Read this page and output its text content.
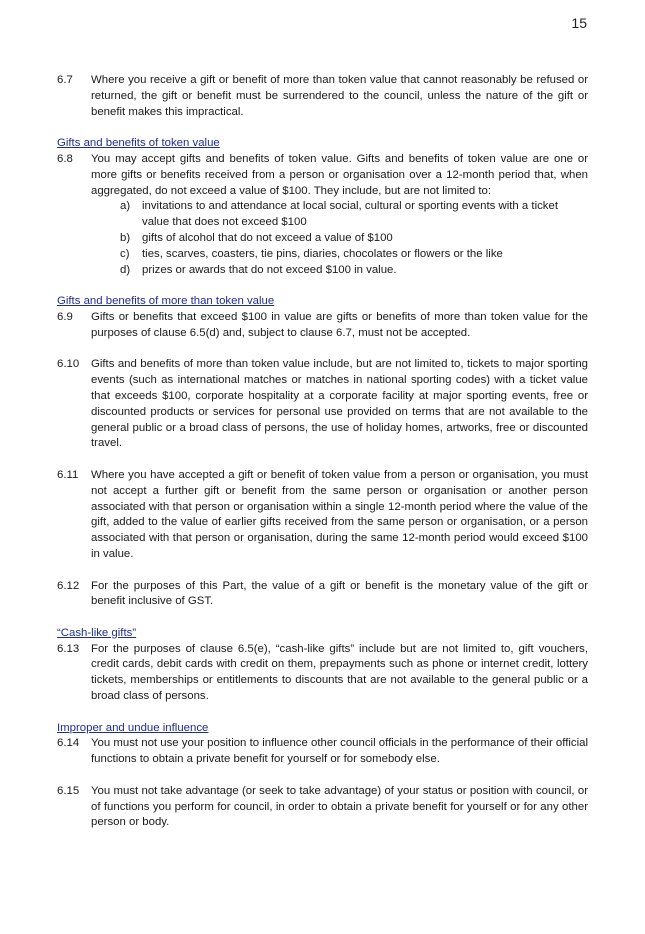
15
6.7	Where you receive a gift or benefit of more than token value that cannot reasonably be refused or returned, the gift or benefit must be surrendered to the council, unless the nature of the gift or benefit makes this impractical.
Gifts and benefits of token value
6.8	You may accept gifts and benefits of token value. Gifts and benefits of token value are one or more gifts or benefits received from a person or organisation over a 12-month period that, when aggregated, do not exceed a value of $100. They include, but are not limited to:
a)	invitations to and attendance at local social, cultural or sporting events with a ticket value that does not exceed $100
b)	gifts of alcohol that do not exceed a value of $100
c)	ties, scarves, coasters, tie pins, diaries, chocolates or flowers or the like
d)	prizes or awards that do not exceed $100 in value.
Gifts and benefits of more than token value
6.9	Gifts or benefits that exceed $100 in value are gifts or benefits of more than token value for the purposes of clause 6.5(d) and, subject to clause 6.7, must not be accepted.
6.10	Gifts and benefits of more than token value include, but are not limited to, tickets to major sporting events (such as international matches or matches in national sporting codes) with a ticket value that exceeds $100, corporate hospitality at a corporate facility at major sporting events, free or discounted products or services for personal use provided on terms that are not available to the general public or a broad class of persons, the use of holiday homes, artworks, free or discounted travel.
6.11	Where you have accepted a gift or benefit of token value from a person or organisation, you must not accept a further gift or benefit from the same person or organisation or another person associated with that person or organisation within a single 12-month period where the value of the gift, added to the value of earlier gifts received from the same person or organisation, or a person associated with that person or organisation, during the same 12-month period would exceed $100 in value.
6.12	For the purposes of this Part, the value of a gift or benefit is the monetary value of the gift or benefit inclusive of GST.
“Cash-like gifts”
6.13	For the purposes of clause 6.5(e), “cash-like gifts” include but are not limited to, gift vouchers, credit cards, debit cards with credit on them, prepayments such as phone or internet credit, lottery tickets, memberships or entitlements to discounts that are not available to the general public or a broad class of persons.
Improper and undue influence
6.14	You must not use your position to influence other council officials in the performance of their official functions to obtain a private benefit for yourself or for somebody else.
6.15	You must not take advantage (or seek to take advantage) of your status or position with council, or of functions you perform for council, in order to obtain a private benefit for yourself or for any other person or body.
